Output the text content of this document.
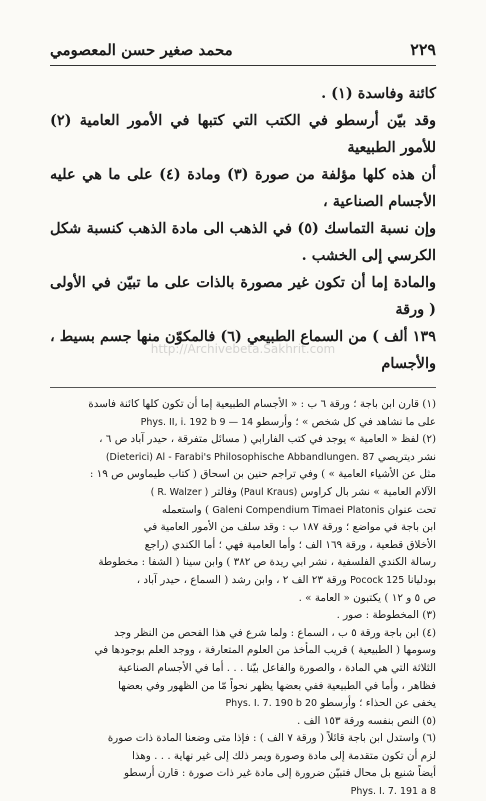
٢٢٩
محمد صغير حسن المعصومي

كائنة وفاسدة (١) .

وقد بيّن أرسطو في الكتب التي كتبها في الأمور العامية (٢) للأمور الطبيعية

أن هذه كلها مؤلفة من صورة (٣) ومادة (٤) على ما هي عليه الأجسام الصناعية ،

وإن نسبة التماسك (٥) في الذهب الى مادة الذهب كنسبة شكل الكرسي إلى الخشب .

والمادة إما أن تكون غير مصورة بالذات على ما تبيّن في الأولى ( ورقة

١٣٩ ألف ) من السماع الطبيعي (٦) فالمكوّن منها جسم بسيط ، والأجسام

(١) قارن ابن باجة ؛ ورقة ٦ ب : « الأجسام الطبيعية إما أن تكون كلها كائنة فاسدة

على ما نشاهد في كل شخص » ؛ وأرسطو Phys. II, i. 192 b 9 — 14

(٢) لفظ « العامية » يوجد في كتب الفارابي ( مسائل متفرقة ، حيدر آباد ص ٦ ،

نشر ديتريصي (Dieterici) Al - Farabi's Philosophische Abbandlungen. 87

مثل عن الأشياء العامية » ) وفي تراجم حنين بن اسحاق ( كتاب طيماوس ص ١٩ :

الآلام العامية » نشر بال كراوس (Paul Kraus) وفالتر ( R. Walzer )

تحت عنوان Galeni Compendium Timaei Platonis ) واستعمله

ابن باجة في مواضع ؛ ورقة ١٨٧ ب : وقد سلف من الأمور العامية في

الأخلاق قطعية ، ورقة ١٦٩ الف ؛ وأما العامية فهي ؛ أما الكندي (راجع

رسالة الكندي الفلسفية ، نشر ابي ريدة ص ٣٨٢ ) وابن سينا ( الشفا : مخطوطة

بودليانا Pocock 125 ورقة ٢٣ الف ٢ ، وابن رشد ( السماع ، حيدر آباد ،

ص ٥ و ١٢ ) يكتبون « العامة » .

(٣) المخطوطة : صور .

(٤) ابن باجة ورقة ٥ ب ، السماع : ولما شرع في هذا الفحص من النظر وجد

وسومها ( الطبيعية ) قريب المأخذ من العلوم المتعارفة ، ووجد العلم بوجودها في

الثلاثة التي هي المادة ، والصورة والفاعل بيّنا . . . أما في الأجسام الصناعية

فظاهر ، وأما في الطبيعية ففي بعضها يظهر نحواً مّا من الظهور وفي بعضها

يخفى عن الحذاء ؛ وأرسطو Phys. I. 7. 190 b 20

(٥) النص بنفسه ورقة ١٥٣ الف .

(٦) واستدل ابن باجة قائلاً ( ورقة ٧ الف ) : فإذا متى وضعنا المادة ذات صورة

لزم أن تكون متقدمة إلى مادة وصورة ويمر ذلك إلى غير نهاية . . . وهذا

أيضاً شنيع بل محال فتبيّن ضرورة إلى مادة غير ذات صورة : قارن أرسطو

Phys. I. 7. 191 a 8

http://Archivebeta.Sakhrit.com
